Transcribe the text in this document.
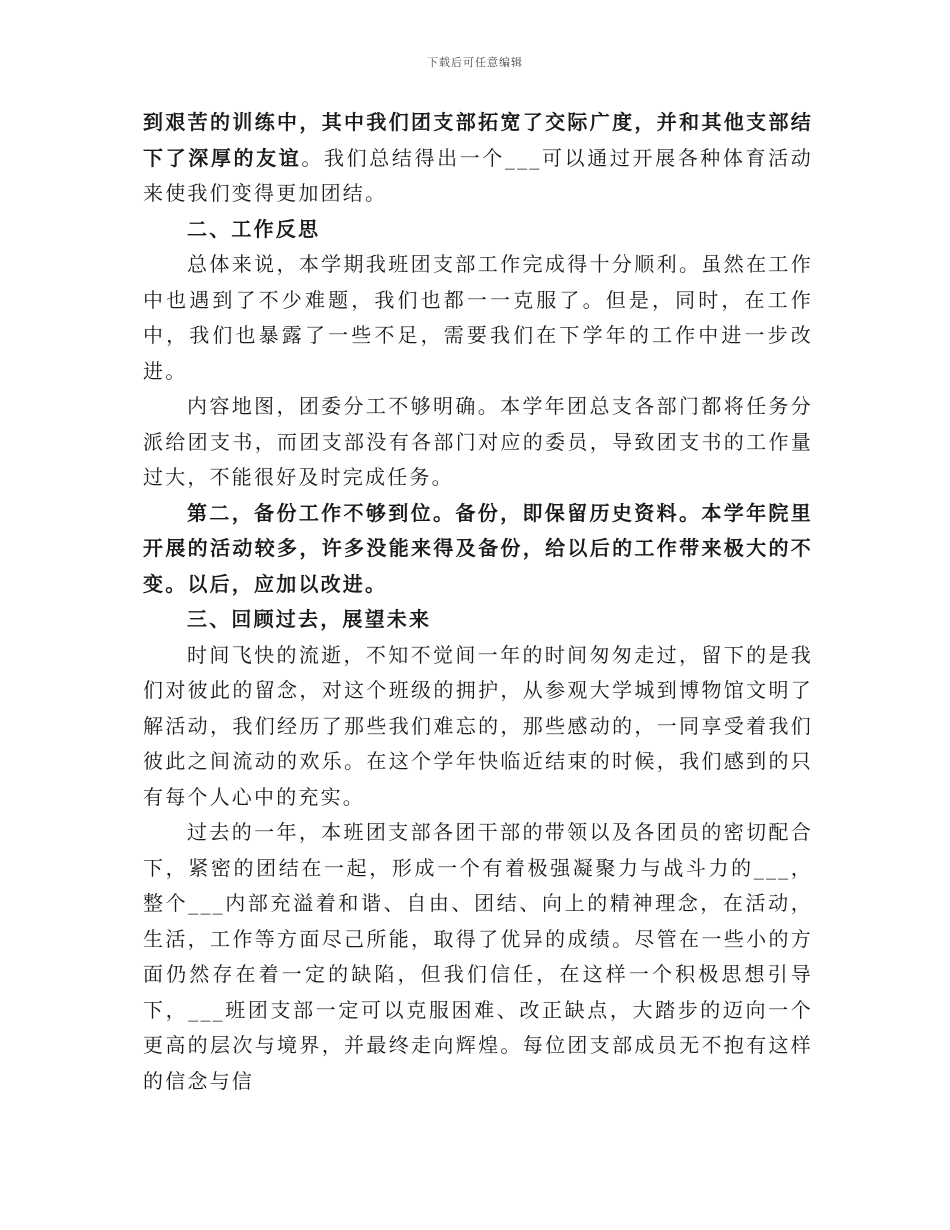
下载后可任意编辑

到艰苦的训练中，其中我们团支部拓宽了交际广度，并和其他支部结下了深厚的友谊。我们总结得出一个___可以通过开展各种体育活动来使我们变得更加团结。

二、工作反思

总体来说，本学期我班团支部工作完成得十分顺利。虽然在工作中也遇到了不少难题，我们也都一一克服了。但是，同时，在工作中，我们也暴露了一些不足，需要我们在下学年的工作中进一步改进。

内容地图，团委分工不够明确。本学年团总支各部门都将任务分派给团支书，而团支部没有各部门对应的委员，导致团支书的工作量过大，不能很好及时完成任务。

第二，备份工作不够到位。备份，即保留历史资料。本学年院里开展的活动较多，许多没能来得及备份，给以后的工作带来极大的不变。以后，应加以改进。

三、回顾过去，展望未来

时间飞快的流逝，不知不觉间一年的时间匆匆走过，留下的是我们对彼此的留念，对这个班级的拥护，从参观大学城到博物馆文明了解活动，我们经历了那些我们难忘的，那些感动的，一同享受着我们彼此之间流动的欢乐。在这个学年快临近结束的时候，我们感到的只有每个人心中的充实。

过去的一年，本班团支部各团干部的带领以及各团员的密切配合下，紧密的团结在一起，形成一个有着极强凝聚力与战斗力的___，整个___内部充溢着和谐、自由、团结、向上的精神理念，在活动，生活，工作等方面尽己所能，取得了优异的成绩。尽管在一些小的方面仍然存在着一定的缺陷，但我们信任，在这样一个积极思想引导下，___班团支部一定可以克服困难、改正缺点，大踏步的迈向一个更高的层次与境界，并最终走向辉煌。每位团支部成员无不抱有这样的信念与信
